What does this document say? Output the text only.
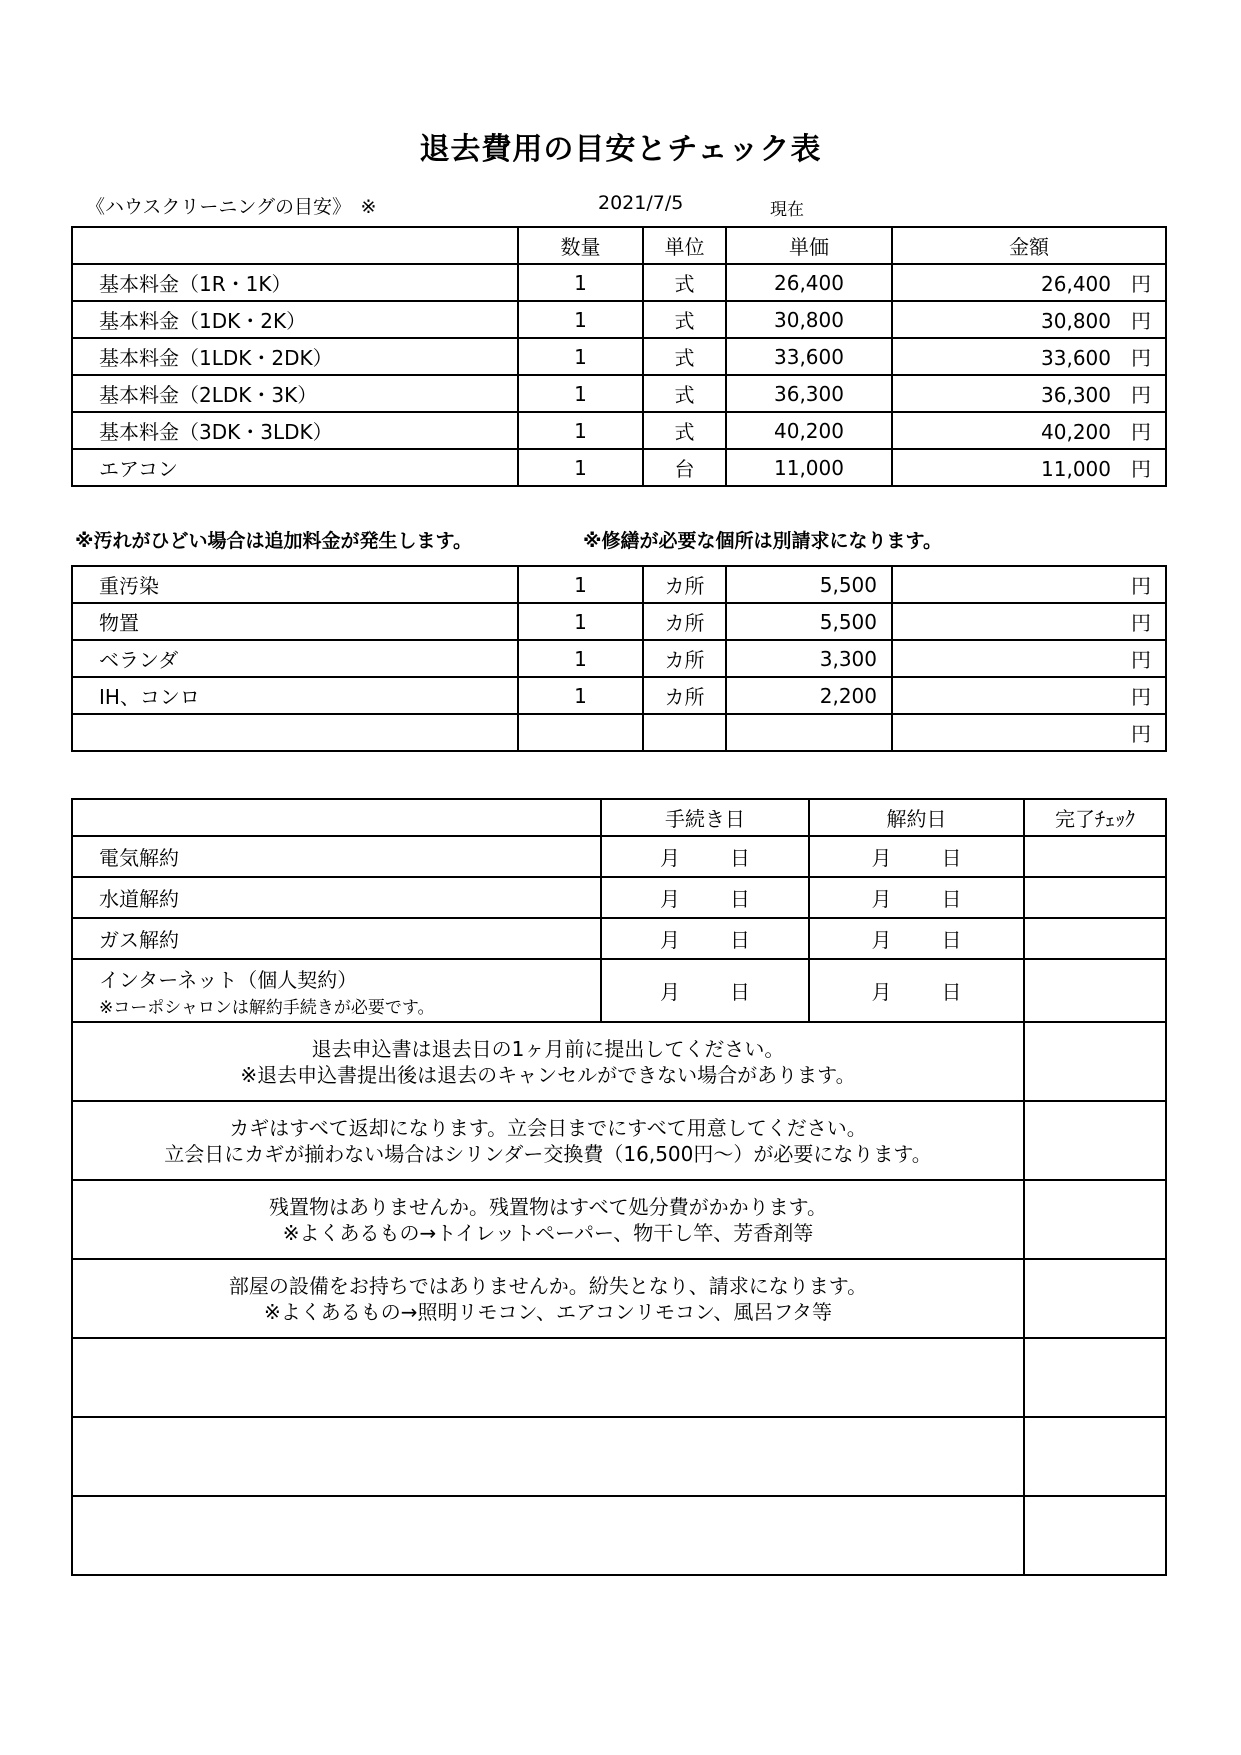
退去費用の目安とチェック表
《ハウスクリーニングの目安》　※	2021/7/5	現在
	数量	単位	単価	金額
基本料金（1R・1K）	1	式	26,400	26,400　 円
基本料金（1DK・2K）	1	式	30,800	30,800　 円
基本料金（1LDK・2DK）	1	式	33,600	33,600　 円
基本料金（2LDK・3K）	1	式	36,300	36,300　 円
基本料金（3DK・3LDK）	1	式	40,200	40,200　 円
エアコン	1	台	11,000	11,000　 円
※汚れがひどい場合は追加料金が発生します。	※修繕が必要な個所は別請求になります。
重汚染	1	カ所	5,500	円
物置	1	カ所	5,500	円
ベランダ	1	カ所	3,300	円
IH、コンロ	1	カ所	2,200	円
				円
	手続き日	解約日	完了ﾁｪｯｸ
電気解約	月 日	月 日	
水道解約	月 日	月 日	
ガス解約	月 日	月 日	

インターネット（個人契約）
※コーポシャロンは解約手続きが必要です。	月 日	月 日	

退去申込書は退去日の1ヶ月前に提出してください。
※退去申込書提出後は退去のキャンセルができない場合があります。			

カギはすべて返却になります。立会日までにすべて用意してください。
立会日にカギが揃わない場合はシリンダー交換費（16,500円～）が必要になります。			

残置物はありませんか。残置物はすべて処分費がかかります。
※よくあるもの→トイレットペーパー、物干し竿、芳香剤等			

部屋の設備をお持ちではありませんか。紛失となり、請求になります。
※よくあるもの→照明リモコン、エアコンリモコン、風呂フタ等			
